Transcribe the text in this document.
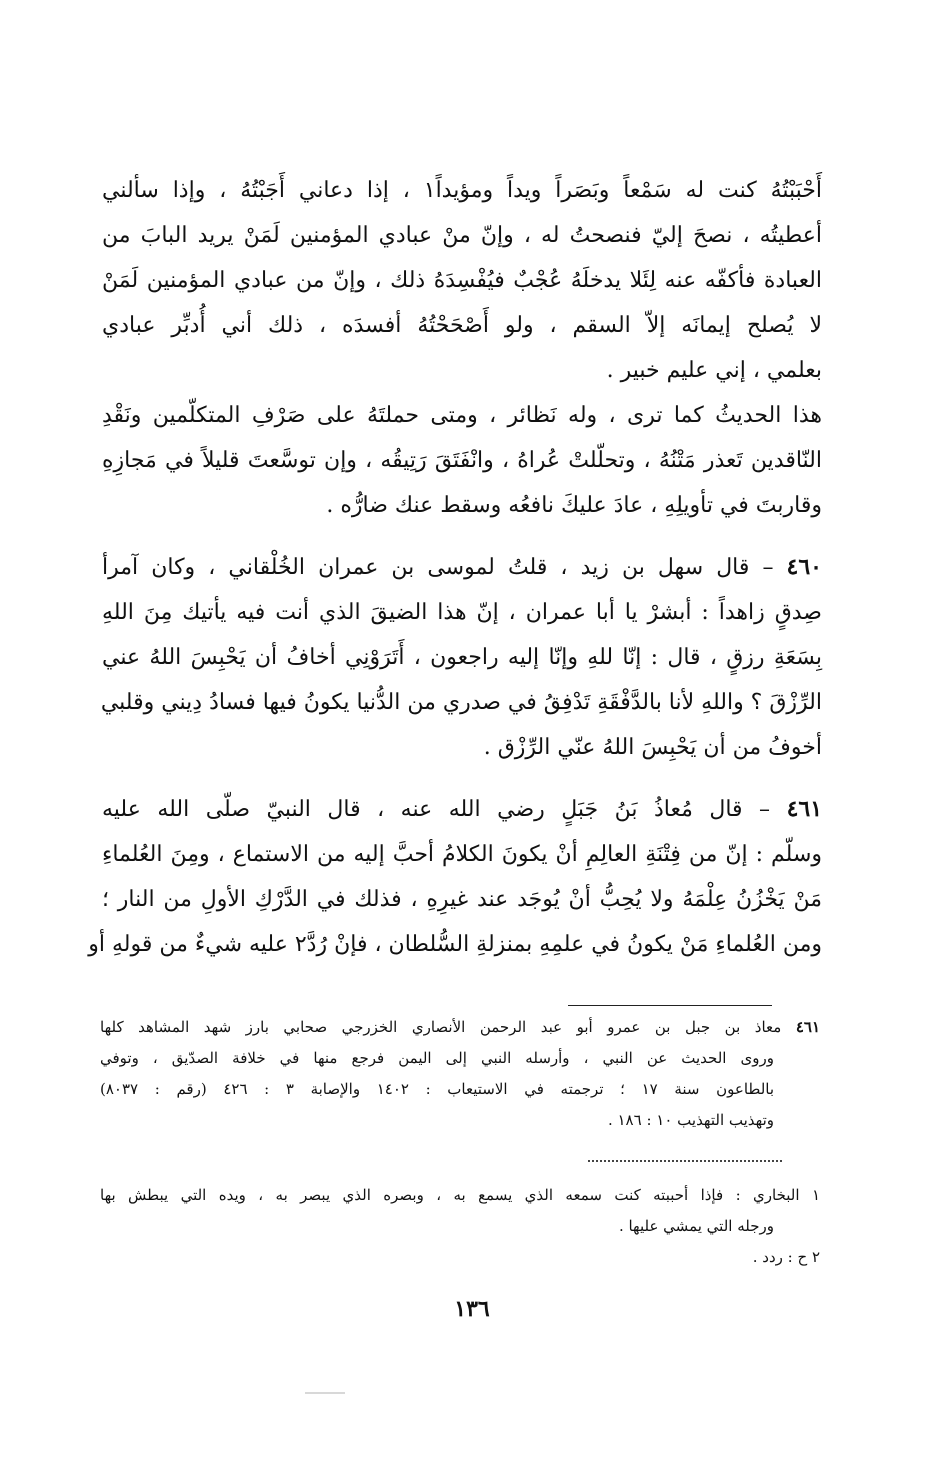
أَحْبَبْتُهُ كنت له سَمْعاً وبَصَراً ويداً ومؤيداً١ ، إذا دعاني أَجَبْتُهُ ، وإذا سألني
أعطيتُه ، نصحَ إليّ فنصحتُ له ، وإنّ منْ عبادي المؤمنين لَمَنْ يريد البابَ من
العبادة فأكفّه عنه لِئَلا يدخلَهُ عُجْبٌ فيُفْسِدَهُ ذلك ، وإنّ من عبادي المؤمنين لَمَنْ
لا يُصلح إيمانَه إلاّ السقم ، ولو أَصْحَحْتُهُ أفسدَه ، ذلك أني أُدبِّر عبادي
بعلمي ، إني عليم خبير .
هذا الحديثُ كما ترى ، وله نَظائر ، ومتى حملتَهُ على صَرْفِ المتكلّمين ونَقْدِ
النّاقدين تَعذر مَتْنُهُ ، وتحلّلتْ عُراهُ ، وانْفَتَقَ رَتِيقُه ، وإن توسَّعتَ قليلاً في مَجازِهِ
وقاربتَ في تأويلِهِ ، عادَ عليكَ نافعُه وسقط عنك ضارُّه .
٤٦٠ – قال سهل بن زيد ، قلتُ لموسى بن عمران الخُلْقاني ، وكان آمرأ
صِدقٍ زاهداً : أبشرْ يا أبا عمران ، إنّ هذا الضيقَ الذي أنت فيه يأتيك مِنَ اللهِ
بِسَعَةِ رزقٍ ، قال : إنّا للهِ وإنّا إليه راجعون ، أَتَرَوْنِي أخافُ أن يَحْبِسَ اللهُ عني
الرِّزْقَ ؟ واللهِ لأنا بالدَّفْقَةِ تَدْفِقُ في صدري من الدُّنيا يكونُ فيها فسادُ دِيني وقلبي
أخوفُ من أن يَحْبِسَ اللهُ عنّي الرِّزْق .
٤٦١ – قال مُعاذُ بَنُ جَبَلٍ رضي الله عنه ، قال النبيّ صلّى الله عليه
وسلّم : إنّ من فِتْنَةِ العالِمِ أنْ يكونَ الكلامُ أحبَّ إليه من الاستماع ، ومِنَ العُلماءِ
مَنْ يَخْزُنُ عِلْمَهُ ولا يُحِبُّ أنْ يُوجَد عند غيرِهِ ، فذلك في الدَّرْكِ الأولِ من النار ؛
ومن العُلماءِ مَنْ يكونُ في علمِهِ بمنزلةِ السُّلطان ، فإنْ رُدَّ٢ عليه شيءٌ من قولهِ أو
٤٦١ معاذ بن جبل بن عمرو أبو عبد الرحمن الأنصاري الخزرجي صحابي بارز شهد المشاهد كلها
وروى الحديث عن النبي ، وأرسله النبي إلى اليمن فرجع منها في خلافة الصدّيق ، وتوفي
بالطاعون سنة ١٧ ؛ ترجمته في الاستيعاب : ١٤٠٢ والإصابة ٣ : ٤٢٦ (رقم : ٨٠٣٧)
وتهذيب التهذيب ١٠ : ١٨٦ .
١ البخاري : فإذا أحببته كنت سمعه الذي يسمع به ، وبصره الذي يبصر به ، ويده التي يبطش بها
ورجله التي يمشي عليها .
٢ ح : ردد .
١٣٦
